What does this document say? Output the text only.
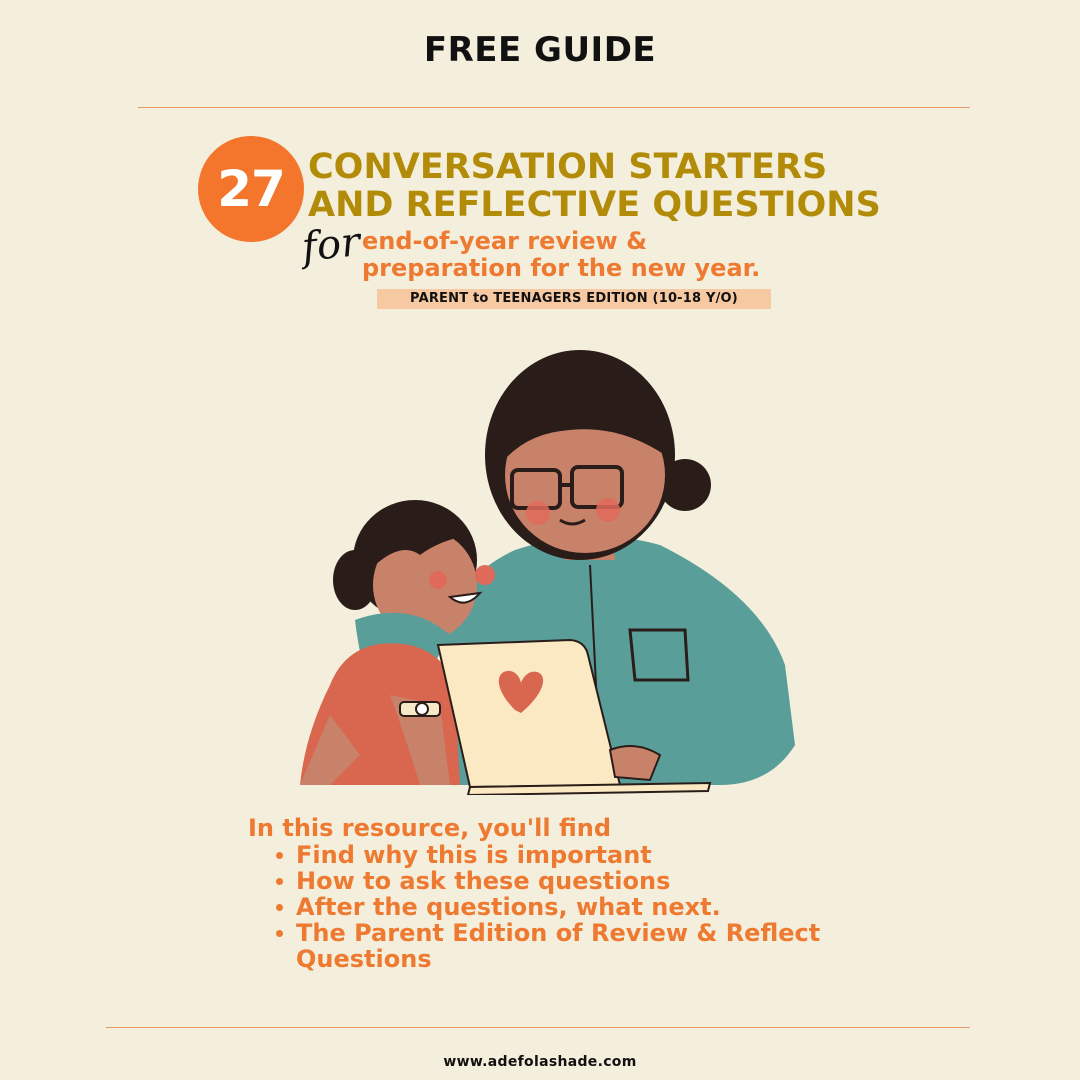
FREE GUIDE
27 CONVERSATION STARTERS
AND REFLECTIVE QUESTIONS
for end-of-year review &
preparation for the new year.
PARENT to TEENAGERS EDITION (10-18 Y/O)
In this resource, you'll find
Find why this is important
How to ask these questions
After the questions, what next.
The Parent Edition of Review & Reflect Questions
www.adefolashade.com
